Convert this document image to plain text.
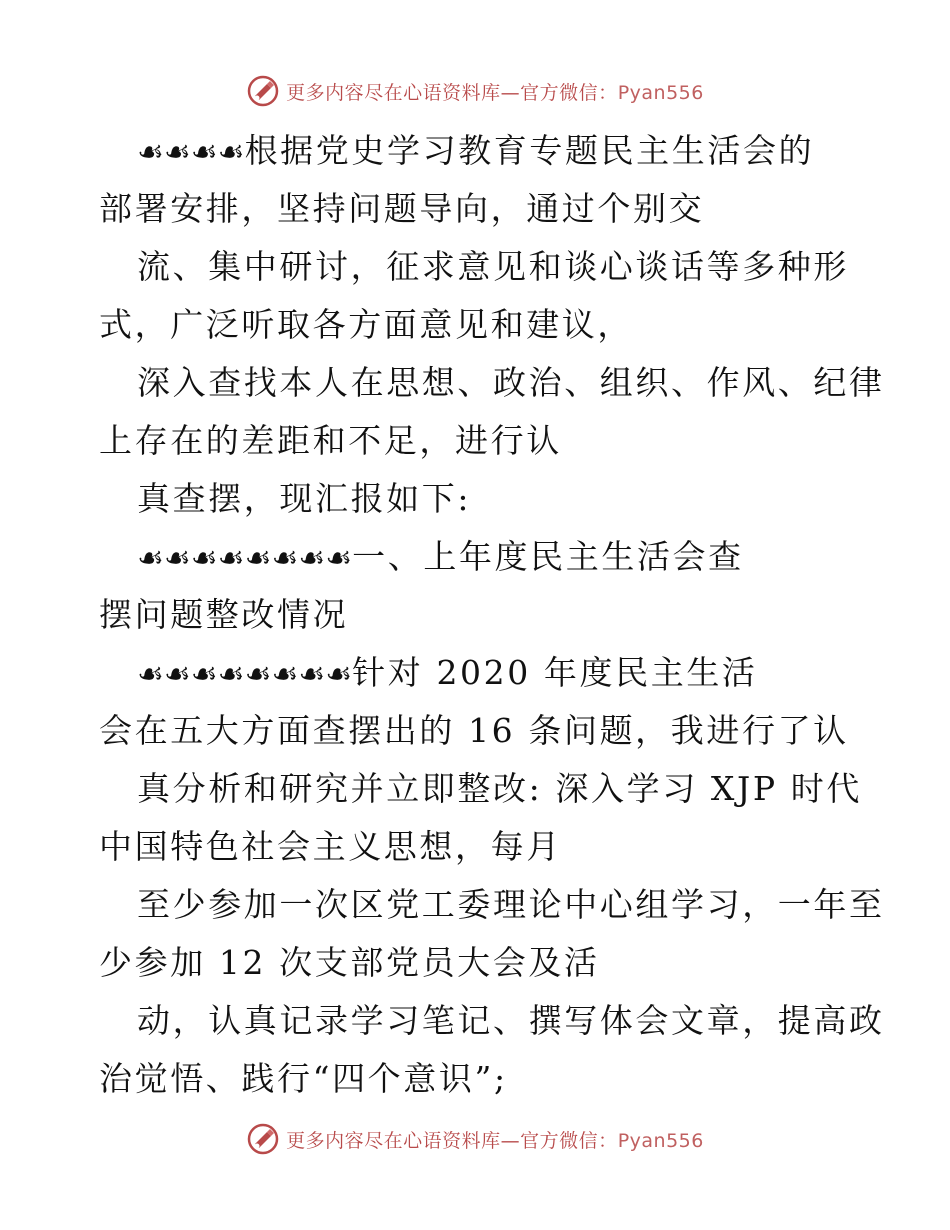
更多内容尽在心语资料库—官方微信：Pyan556
☙☙☙☙根据党史学习教育专题民主生活会的
部署安排，坚持问题导向，通过个别交
流、集中研讨，征求意见和谈心谈话等多种形
式，广泛听取各方面意见和建议，
深入查找本人在思想、政治、组织、作风、纪律
上存在的差距和不足，进行认
真查摆，现汇报如下:
☙☙☙☙☙☙☙☙一、上年度民主生活会查
摆问题整改情况
☙☙☙☙☙☙☙☙针对 2020 年度民主生活
会在五大方面查摆出的 16 条问题，我进行了认
真分析和研究并立即整改: 深入学习 XJP 时代
中国特色社会主义思想，每月
至少参加一次区党工委理论中心组学习，一年至
少参加 12 次支部党员大会及活
动，认真记录学习笔记、撰写体会文章，提高政
治觉悟、践行“四个意识”;
更多内容尽在心语资料库—官方微信：Pyan556
